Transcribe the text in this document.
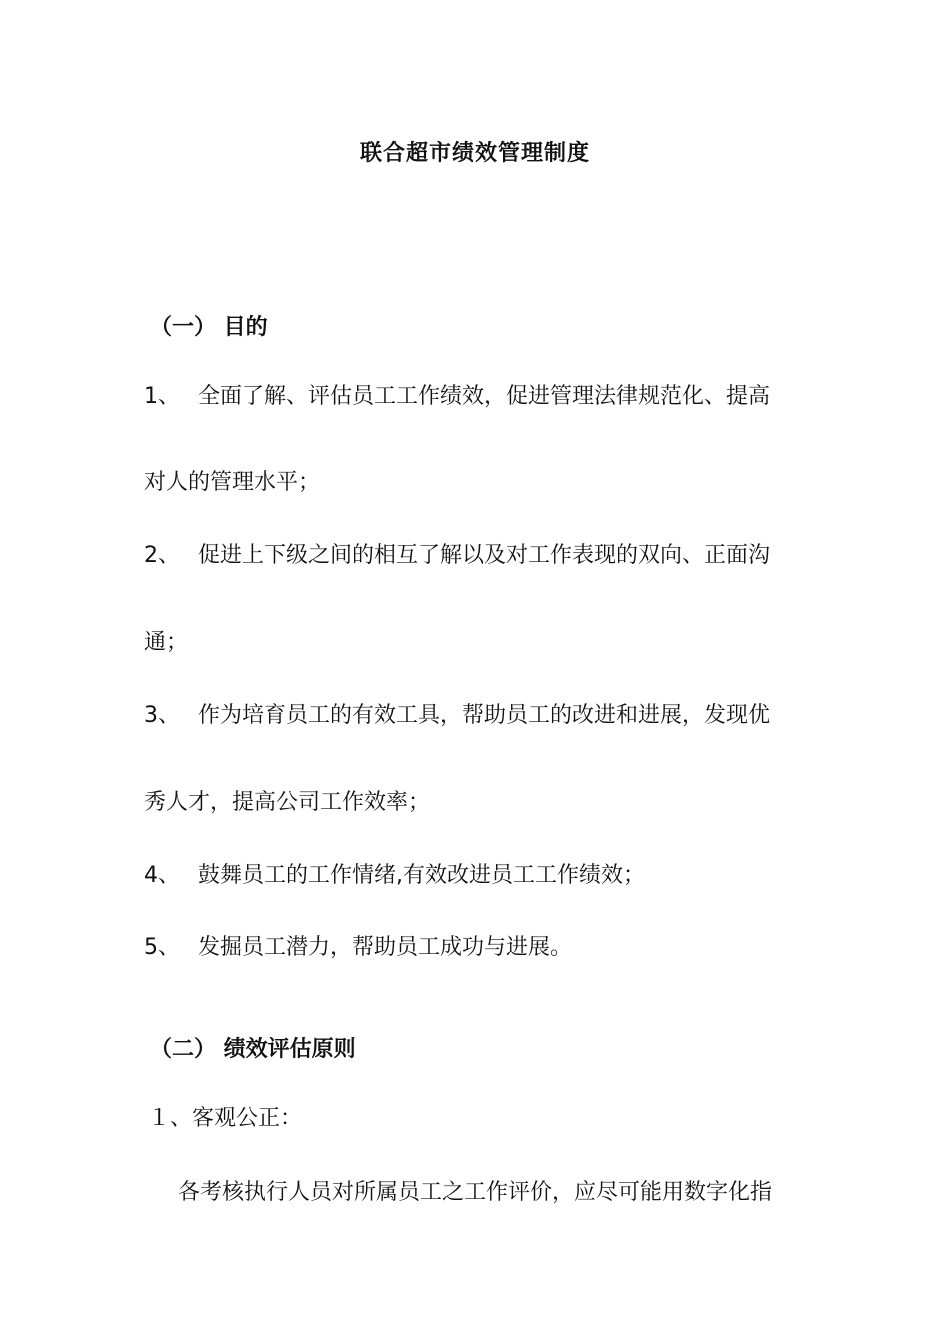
联合超市绩效管理制度
（一） 目的
1、 全面了解、评估员工工作绩效，促进管理法律规范化、提高
对人的管理水平；
2、 促进上下级之间的相互了解以及对工作表现的双向、正面沟
通；
3、 作为培育员工的有效工具，帮助员工的改进和进展，发现优
秀人才，提高公司工作效率；
4、 鼓舞员工的工作情绪,有效改进员工工作绩效；
5、 发掘员工潜力，帮助员工成功与进展。
（二） 绩效评估原则
１、客观公正：
各考核执行人员对所属员工之工作评价，应尽可能用数字化指
